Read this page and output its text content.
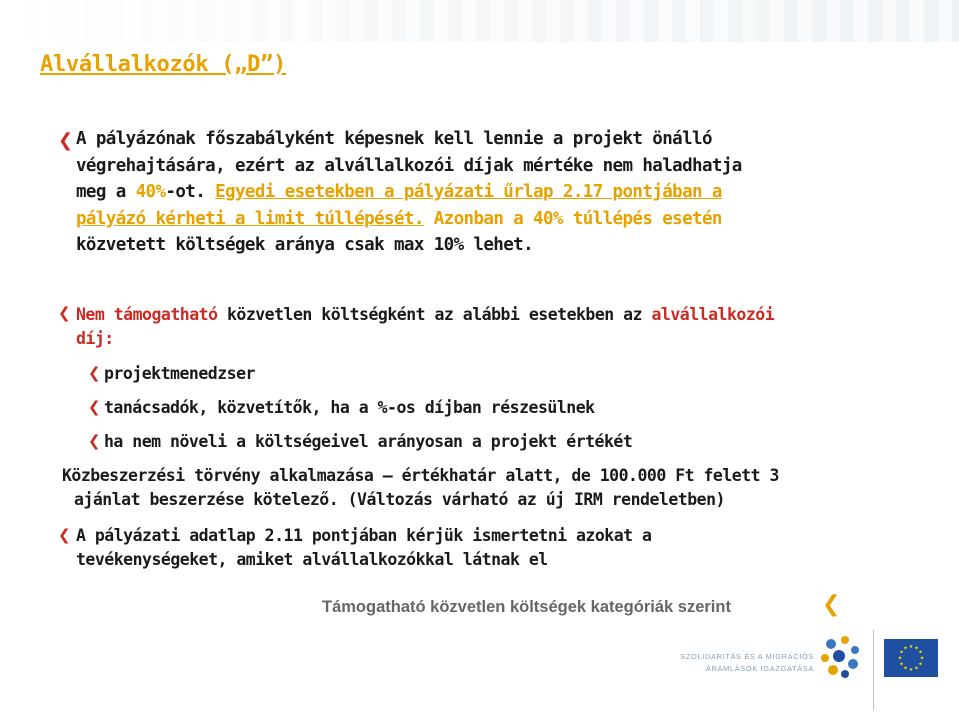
Alvállalkozók („D”)
❮ A pályázónak főszabályként képesnek kell lennie a projekt önálló
végrehajtására, ezért az alvállalkozói díjak mértéke nem haladhatja
meg a 40%-ot. Egyedi esetekben a pályázati űrlap 2.17 pontjában a
pályázó kérheti a limit túllépését. Azonban a 40% túllépés esetén
közvetett költségek aránya csak max 10% lehet.
❮ Nem támogatható közvetlen költségként az alábbi esetekben az alvállalkozói
díj:
❮ projektmenedzser
❮ tanácsadók, közvetítők, ha a %-os díjban részesülnek
❮ ha nem növeli a költségeivel arányosan a projekt értékét
Közbeszerzési törvény alkalmazása – értékhatár alatt, de 100.000 Ft felett 3
ajánlat beszerzése kötelező. (Változás várható az új IRM rendeletben)
❮ A pályázati adatlap 2.11 pontjában kérjük ismertetni azokat a
tevékenységeket, amiket alvállalkozókkal látnak el
Támogatható közvetlen költségek kategóriák szerint	❮
SZOLIDARITÁS ÉS A MIGRÁCIÓS
ÁRAMLÁSOK IGAZGATÁSA
★ ★
★
★
★
★
★
★
★
★
★
★
